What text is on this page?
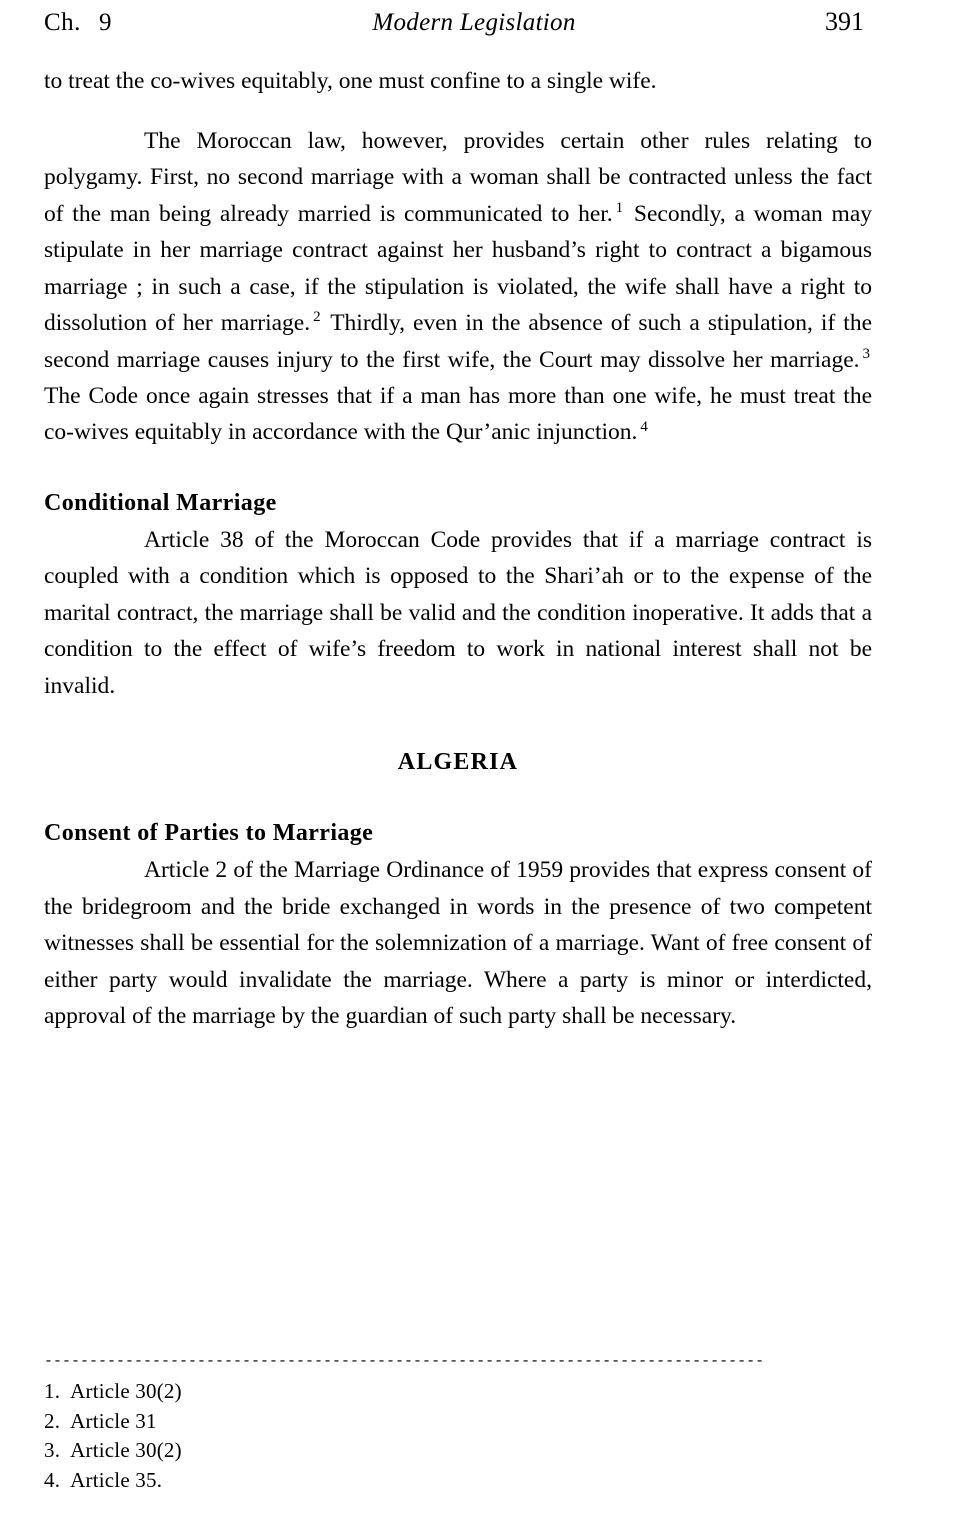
Ch. 9	Modern Legislation	391

to treat the co-wives equitably, one must confine to a single wife.

The Moroccan law, however, provides certain other rules relating to polygamy. First, no second marriage with a woman shall be contracted unless the fact of the man being already married is communicated to her. $^1$ Secondly, a woman may stipulate in her marriage contract against her husband’s right to contract a bigamous marriage ; in such a case, if the stipulation is violated, the wife shall have a right to dissolution of her marriage. $^2$ Thirdly, even in the absence of such a stipulation, if the second marriage causes injury to the first wife, the Court may dissolve her marriage. $^3$ The Code once again stresses that if a man has more than one wife, he must treat the co-wives equitably in accordance with the Qur’anic injunction. $^4$

Conditional Marriage

Article 38 of the Moroccan Code provides that if a marriage contract is coupled with a condition which is opposed to the Shari’ah or to the expense of the marital contract, the marriage shall be valid and the condition inoperative. It adds that a condition to the effect of wife’s freedom to work in national interest shall not be invalid.

ALGERIA
Consent of Parties to Marriage

Article 2 of the Marriage Ordinance of 1959 provides that express consent of the bridegroom and the bride exchanged in words in the presence of two competent witnesses shall be essential for the solemnization of a marriage. Want of free consent of either party would invalidate the marriage. Where a party is minor or interdicted, approval of the marriage by the guardian of such party shall be necessary.

--------------------------------------------------------------------------------
1. Article 30(2)
2. Article 31
3. Article 30(2)
4. Article 35.
